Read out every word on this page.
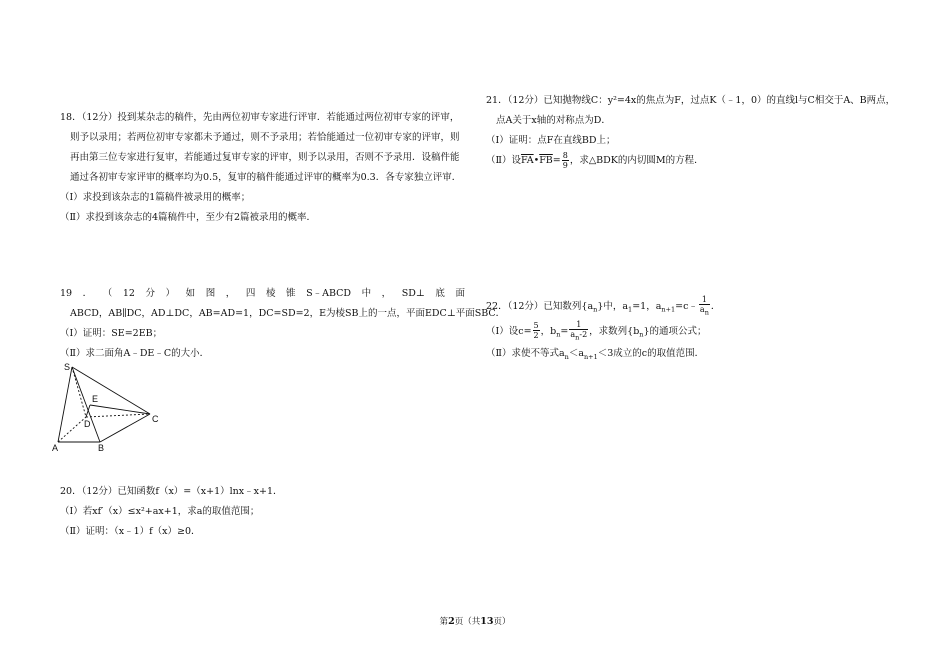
18．（12分）投到某杂志的稿件，先由两位初审专家进行评审．若能通过两位初审专家的评审，
则予以录用；若两位初审专家都未予通过，则不予录用；若恰能通过一位初审专家的评审，则
再由第三位专家进行复审，若能通过复审专家的评审，则予以录用，否则不予录用．设稿件能
通过各初审专家评审的概率均为0.5，复审的稿件能通过评审的概率为0.3．各专家独立评审．
（Ⅰ）求投到该杂志的1篇稿件被录用的概率；
（Ⅱ）求投到该杂志的4篇稿件中，至少有2篇被录用的概率．
19 ． （ 12 分 ） 如 图 ， 四 棱 锥 S﹣ABCD 中 ， SD⊥ 底 面
ABCD，AB∥DC，AD⊥DC，AB=AD=1，DC=SD=2，E为棱SB上的一点，平面EDC⊥平面SBC．
（Ⅰ）证明：SE=2EB；
（Ⅱ）求二面角A﹣DE﹣C的大小．
S
E
D	C
A	B
20．（12分）已知函数f（x）=（x+1）lnx﹣x+1．
（Ⅰ）若xf′（x）≤x²+ax+1，求a的取值范围；
（Ⅱ）证明：（x﹣1）f（x）≥0．
21．（12分）已知抛物线C：y²=4x的焦点为F，过点K（﹣1，0）的直线l与C相交于A、B两点，
点A关于x轴的对称点为D．
（Ⅰ）证明：点F在直线BD上；
（Ⅱ）设$\overline{FA}•\overline{FB}= \frac{8}{9}$ ，求△BDK的内切圆M的方程．
22．（12分）已知数列$\{a_n\}$中，$a_1=1$，$a_{n+1}=c﹣ \frac{1}{a_n}$ ．
（Ⅰ）设$c= \frac{5}{2}$ ，$b_n= \frac{1}{a_n-2}$ ，求数列$\{b_n\}$的通项公式；
（Ⅱ）求使不等式$a_n<a_{n+1}<3$成立的c的取值范围．
第2页（共13页）
